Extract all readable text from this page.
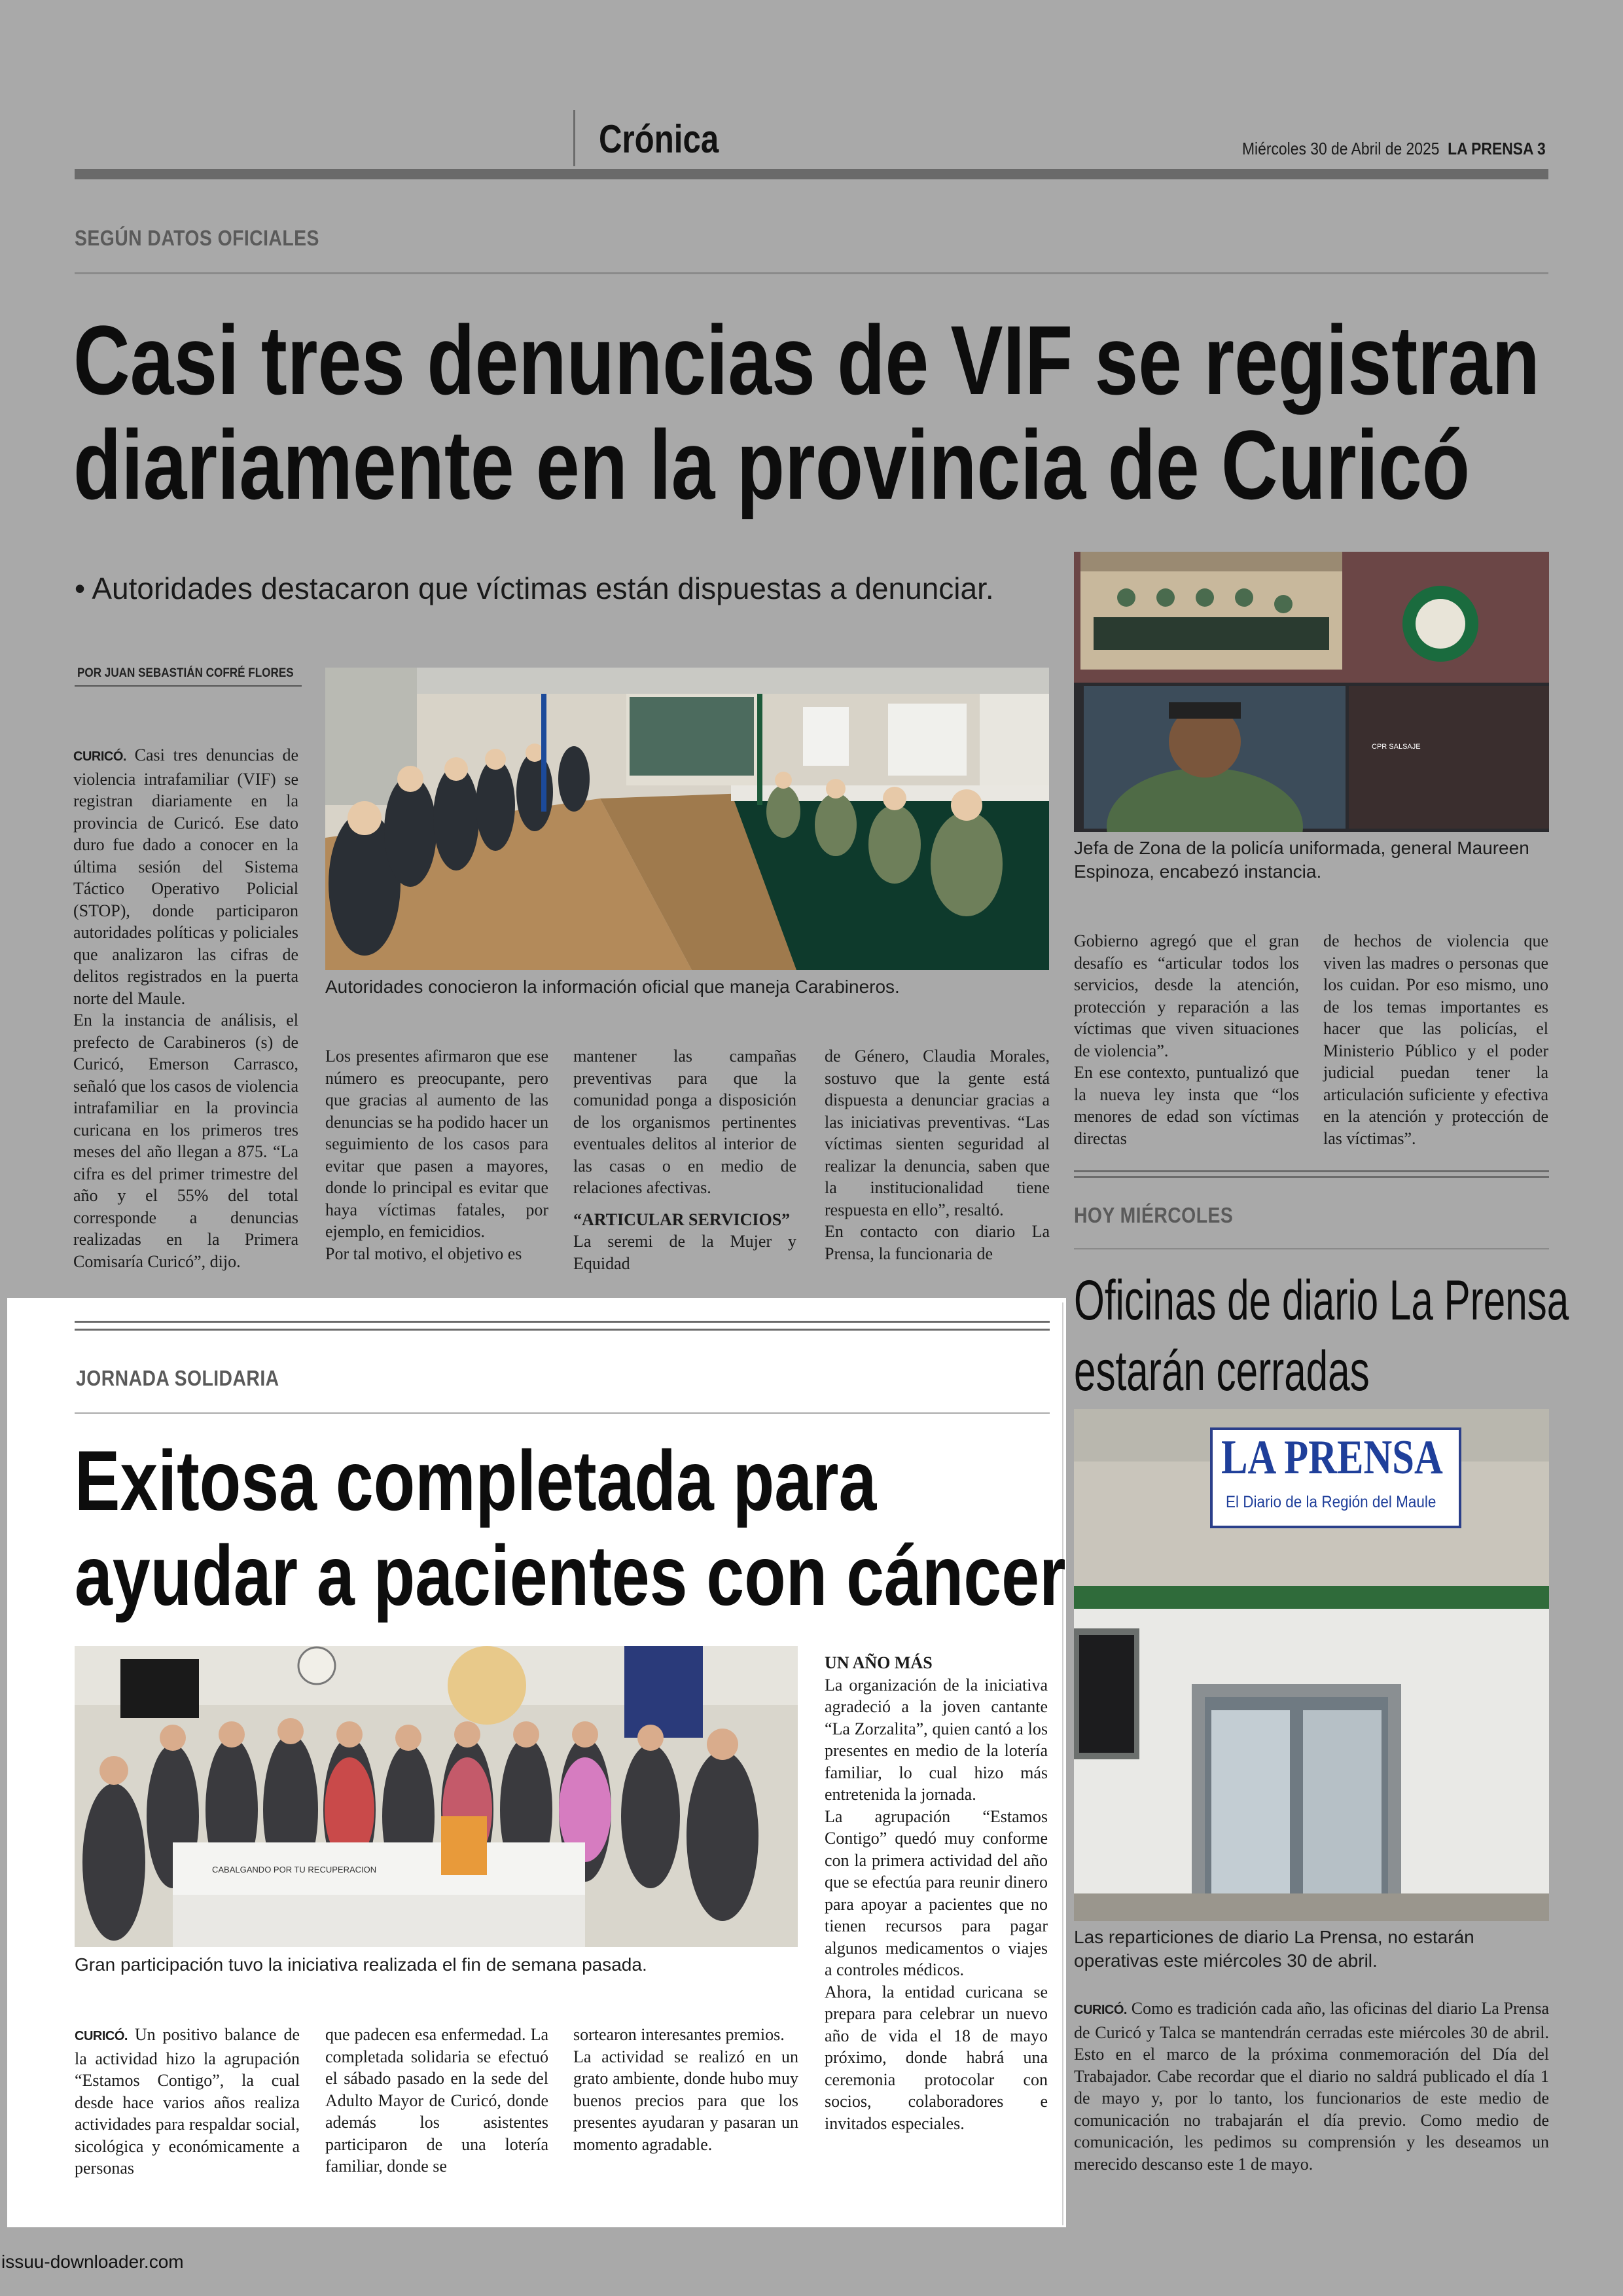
Crónica	Miércoles 30 de Abril de 2025 LA PRENSA 3
SEGÚN DATOS OFICIALES
Casi tres denuncias de VIF se registran
diariamente en la provincia de Curicó
• Autoridades destacaron que víctimas están dispuestas a denunciar.
POR JUAN SEBASTIÁN COFRÉ FLORES
Autoridades conocieron la información oficial que maneja Carabineros.
CPR SALSAJE
Jefa de Zona de la policía uniformada, general Maureen Espinoza, encabezó instancia.

CURICÓ. Casi tres denuncias de violencia intrafamiliar (VIF) se registran diariamente en la provincia de Curicó. Ese dato duro fue dado a conocer en la última sesión del Sistema Táctico Operativo Policial (STOP), donde participaron autoridades políticas y policiales que analizaron las cifras de delitos registrados en la puerta norte del Maule.

En la instancia de análisis, el prefecto de Carabineros (s) de Curicó, Emerson Carrasco, señaló que los casos de violencia intrafamiliar en la provincia curicana en los primeros tres meses del año llegan a 875. “La cifra es del primer trimestre del año y el 55% del total corresponde a denuncias realizadas en la Primera Comisaría Curicó”, dijo.

Los presentes afirmaron que ese número es preocupante, pero que gracias al aumento de las denuncias se ha podido hacer un seguimiento de los casos para evitar que pasen a mayores, donde lo principal es evitar que haya víctimas fatales, por ejemplo, en femicidios.

Por tal motivo, el objetivo es

mantener las campañas preventivas para que la comunidad ponga a disposición de los organismos pertinentes eventuales delitos al interior de las casas o en medio de relaciones afectivas.

“ARTICULAR SERVICIOS”

La seremi de la Mujer y Equidad

de Género, Claudia Morales, sostuvo que la gente está dispuesta a denunciar gracias a las iniciativas preventivas. “Las víctimas sienten seguridad al realizar la denuncia, saben que la institucionalidad tiene respuesta en ello”, resaltó.

En contacto con diario La Prensa, la funcionaria de

Gobierno agregó que el gran desafío es “articular todos los servicios, desde la atención, protección y reparación a las víctimas que viven situaciones de violencia”.

En ese contexto, puntualizó que la nueva ley insta que “los menores de edad son víctimas directas

de hechos de violencia que viven las madres o personas que los cuidan. Por eso mismo, uno de los temas importantes es hacer que las policías, el Ministerio Público y el poder judicial puedan tener la articulación suficiente y efectiva en la atención y protección de las víctimas”.

HOY MIÉRCOLES
Oficinas de diario La Prensa
estarán cerradas
LA PRENSA
El Diario de la Región del Maule
Las reparticiones de diario La Prensa, no estarán operativas este miércoles 30 de abril.

CURICÓ. Como es tradición cada año, las oficinas del diario La Prensa de Curicó y Talca se mantendrán cerradas este miércoles 30 de abril. Esto en el marco de la próxima conmemoración del Día del Trabajador. Cabe recordar que el diario no saldrá publicado el día 1 de mayo y, por lo tanto, los funcionarios de este medio de comunicación no trabajarán el día previo. Como medio de comunicación, les pedimos su comprensión y les deseamos un merecido descanso este 1 de mayo.

JORNADA SOLIDARIA
Exitosa completada para
ayudar a pacientes con cáncer
CABALGANDO POR TU RECUPERACION
Gran participación tuvo la iniciativa realizada el fin de semana pasada.

CURICÓ. Un positivo balance de la actividad hizo la agrupación “Estamos Contigo”, la cual desde hace varios años realiza actividades para respaldar social, sicológica y económicamente a personas

que padecen esa enfermedad. La completada solidaria se efectuó el sábado pasado en la sede del Adulto Mayor de Curicó, donde además los asistentes participaron de una lotería familiar, donde se

sortearon interesantes premios.

La actividad se realizó en un grato ambiente, donde hubo muy buenos precios para que los presentes ayudaran y pasaran un momento agradable.

UN AÑO MÁS

La organización de la iniciativa agradeció a la joven cantante “La Zorzalita”, quien cantó a los presentes en medio de la lotería familiar, lo cual hizo más entretenida la jornada.

La agrupación “Estamos Contigo” quedó muy conforme con la primera actividad del año que se efectúa para reunir dinero para apoyar a pacientes que no tienen recursos para pagar algunos medicamentos o viajes a controles médicos.

Ahora, la entidad curicana se prepara para celebrar un nuevo año de vida el 18 de mayo próximo, donde habrá una ceremonia protocolar con socios, colaboradores e invitados especiales.

issuu-downloader.com
